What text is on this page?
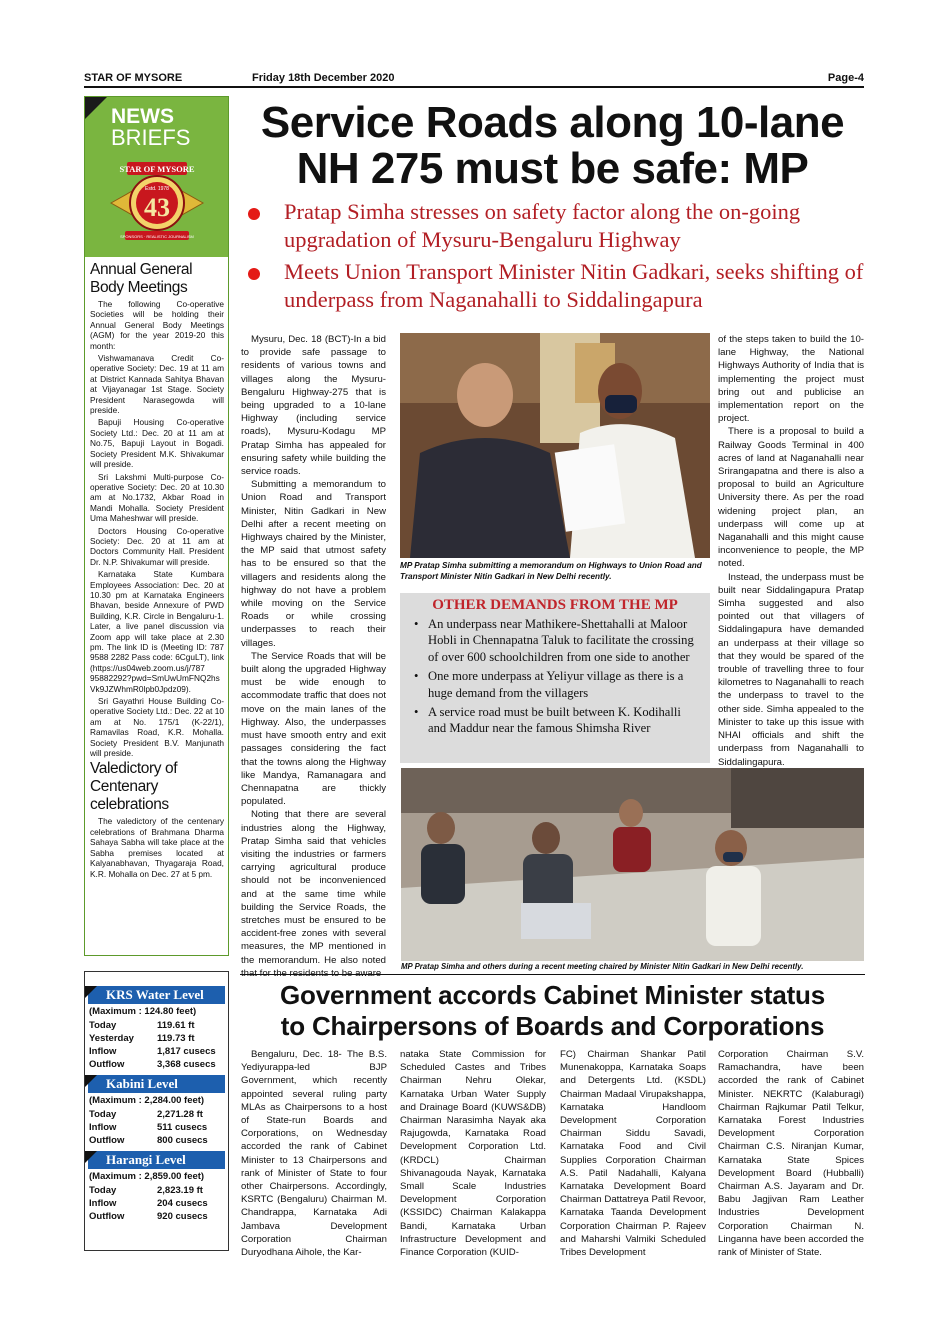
STAR OF MYSORE	Friday 18th December 2020	Page-4
NEWS
BRIEFS
STAR OF MYSORE
Estd. 1978
43
SPONSORS · REALISTIC JOURNALISM
Annual General Body Meetings

The following Co-operative Societies will be holding their Annual General Body Meetings (AGM) for the year 2019-20 this month:

Vishwamanava Credit Co-operative Society: Dec. 19 at 11 am at District Kannada Sahitya Bhavan at Vijayanagar 1st Stage. Society President Narasegowda will preside.

Bapuji Housing Co-operative Society Ltd.: Dec. 20 at 11 am at No.75, Bapuji Layout in Bogadi. Society President M.K. Shivakumar will preside.

Sri Lakshmi Multi-purpose Co-operative Society: Dec. 20 at 10.30 am at No.1732, Akbar Road in Mandi Mohalla. Society President Uma Maheshwar will preside.

Doctors Housing Co-operative Society: Dec. 20 at 11 am at Doctors Community Hall. President Dr. N.P. Shivakumar will preside.

Karnataka State Kumbara Employees Association: Dec. 20 at 10.30 pm at Karnataka Engineers Bhavan, beside Annexure of PWD Building, K.R. Circle in Bengaluru-1. Later, a live panel discussion via Zoom app will take place at 2.30 pm. The link ID is (Meeting ID: 787 9588 2282 Pass code: 6CguLT), link (https://us04web.zoom.us/j/787 95882292?pwd=SmUwUmFNQ2hs Vk9JZWhmR0lpb0Jpdz09).

Sri Gayathri House Building Co-operative Society Ltd.: Dec. 22 at 10 am at No. 175/1 (K-22/1), Ramavilas Road, K.R. Mohalla. Society President B.V. Manjunath will preside.

Valedictory of Centenary celebrations

The valedictory of the centenary celebrations of Brahmana Dharma Sahaya Sabha will take place at the Sabha premises located at Kalyanabhavan, Thyagaraja Road, K.R. Mohalla on Dec. 27 at 5 pm.

KRS Water Level
(Maximum : 124.80 feet)
Today	119.61 ft
Yesterday	119.73 ft
Inflow	1,817 cusecs
Outflow	3,368 cusecs
Kabini Level
(Maximum : 2,284.00 feet)
Today	2,271.28 ft
Inflow	511 cusecs
Outflow	800 cusecs
Harangi Level
(Maximum : 2,859.00 feet)
Today	2,823.19 ft
Inflow	204 cusecs
Outflow	920 cusecs
Service Roads along 10-lane
NH 275 must be safe: MP
Pratap Simha stresses on safety factor along the on-going upgradation of Mysuru-Bengaluru Highway
Meets Union Transport Minister Nitin Gadkari, seeks shifting of underpass from Naganahalli to Siddalingapura

Mysuru, Dec. 18 (BCT)-In a bid to provide safe passage to residents of various towns and villages along the Mysuru-Bengaluru Highway-275 that is being upgraded to a 10-lane Highway (including service roads), Mysuru-Kodagu MP Pratap Simha has appealed for ensuring safety while building the service roads.

Submitting a memorandum to Union Road and Transport Minister, Nitin Gadkari in New Delhi after a recent meeting on Highways chaired by the Minister, the MP said that utmost safety has to be ensured so that the villagers and residents along the highway do not have a problem while moving on the Service Roads or while crossing underpasses to reach their villages.

The Service Roads that will be built along the upgraded Highway must be wide enough to accommodate traffic that does not move on the main lanes of the Highway. Also, the underpasses must have smooth entry and exit passages considering the fact that the towns along the Highway like Mandya, Ramanagara and Chennapatna are thickly populated.

Noting that there are several industries along the Highway, Pratap Simha said that vehicles visiting the industries or farmers carrying agricultural produce should not be inconvenienced and at the same time while building the Service Roads, the stretches must be ensured to be accident-free zones with several measures, the MP mentioned in the memorandum. He also noted

MP Pratap Simha submitting a memorandum on Highways to Union Road and Transport Minister Nitin Gadkari in New Delhi recently.
OTHER DEMANDS FROM THE MP
• An underpass near Mathikere-Shettahalli at Maloor Hobli in Chennapatna Taluk to facilitate the crossing of over 600 schoolchildren from one side to another
• One more underpass at Yeliyur village as there is a huge demand from the villagers
• A service road must be built between K. Kodihalli and Maddur near the famous Shimsha River

of the steps taken to build the 10-lane Highway, the National Highways Authority of India that is implementing the project must bring out and publicise an implementation report on the project.

There is a proposal to build a Railway Goods Terminal in 400 acres of land at Naganahalli near Srirangapatna and there is also a proposal to build an Agriculture University there. As per the road widening project plan, an underpass will come up at Naganahalli and this might cause inconvenience to people, the MP noted.

Instead, the underpass must be built near Siddalingapura Pratap Simha suggested and also pointed out that villagers of Siddalingapura have demanded an underpass at their village so that they would be spared of the trouble of travelling three to four kilometres to Naganahalli to reach the underpass to travel to the other side. Simha appealed to the Minister to take up this issue with NHAI officials and shift the underpass from Naganahalli to Siddalingapura.

MP Pratap Simha and others during a recent meeting chaired by Minister Nitin Gadkari in New Delhi recently.
Government accords Cabinet Minister status
to Chairpersons of Boards and Corporations

Bengaluru, Dec. 18- The B.S. Yediyurappa-led BJP Government, which recently appointed several ruling party MLAs as Chairpersons to a host of State-run Boards and Corporations, on Wednesday accorded the rank of Cabinet Minister to 13 Chairpersons and rank of Minister of State to four other Chairpersons. Accordingly, KSRTC (Bengaluru) Chairman M. Chandrappa, Karnataka Adi Jambava Development Corporation Chairman Duryodhana Aihole, the Kar-

nataka State Commission for Scheduled Castes and Tribes Chairman Nehru Olekar, Karnataka Urban Water Supply and Drainage Board (KUWS&DB) Chairman Narasimha Nayak aka Rajugowda, Karnataka Road Development Corporation Ltd. (KRDCL) Chairman Shivanagouda Nayak, Karnataka Small Scale Industries Development Corporation (KSSIDC) Chairman Kalakappa Bandi, Karnataka Urban Infrastructure Development and Finance Corporation (KUID-

FC) Chairman Shankar Patil Munenakoppa, Karnataka Soaps and Detergents Ltd. (KSDL) Chairman Madaal Virupakshappa, Karnataka Handloom Development Corporation Chairman Siddu Savadi, Karnataka Food and Civil Supplies Corporation Chairman A.S. Patil Nadahalli, Kalyana Karnataka Development Board Chairman Dattatreya Patil Revoor, Karnataka Taanda Development Corporation Chairman P. Rajeev and Maharshi Valmiki Scheduled Tribes Development

Corporation Chairman S.V. Ramachandra, have been accorded the rank of Cabinet Minister. NEKRTC (Kalaburagi) Chairman Rajkumar Patil Telkur, Karnataka Forest Industries Development Corporation Chairman C.S. Niranjan Kumar, Karnataka State Spices Development Board (Hubballi) Chairman A.S. Jayaram and Dr. Babu Jagjivan Ram Leather Industries Development Corporation Chairman N. Linganna have been accorded the rank of Minister of State.
